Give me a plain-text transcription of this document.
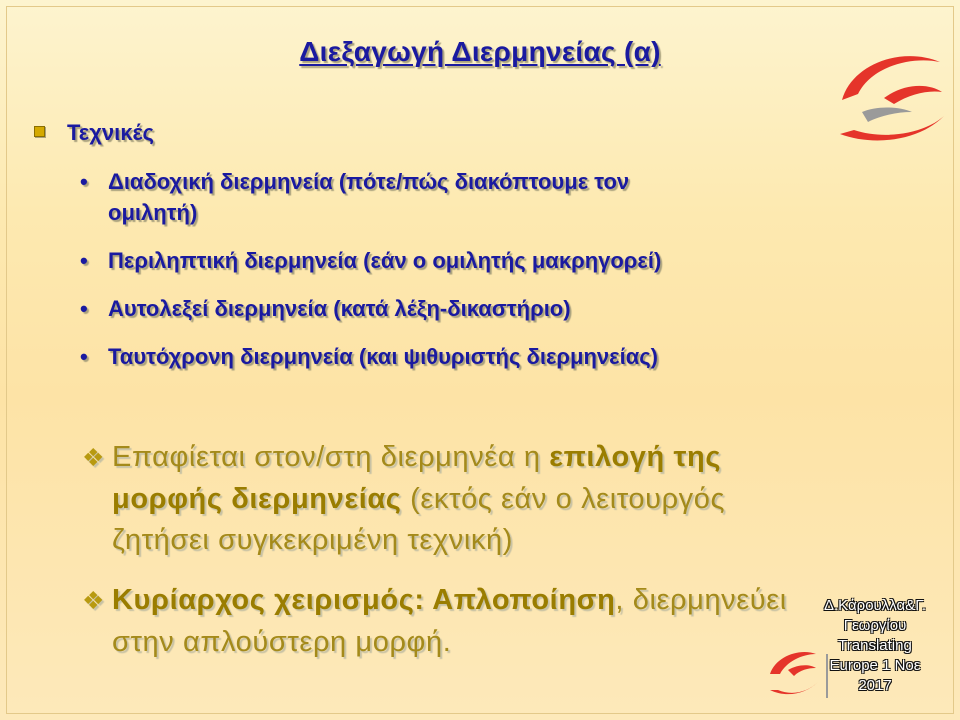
Διεξαγωγή Διερμηνείας (α)
Τεχνικές
• Διαδοχική διερμηνεία (πότε/πώς διακόπτουμε τον
ομιλητή)
• Περιληπτική διερμηνεία (εάν ο ομιλητής μακρηγορεί)
• Αυτολεξεί διερμηνεία (κατά λέξη-δικαστήριο)
• Ταυτόχρονη διερμηνεία (και ψιθυριστής διερμηνείας)
❖ Επαφίεται στον/στη διερμηνέα η επιλογή της
μορφής διερμηνείας (εκτός εάν ο λειτουργός
ζητήσει συγκεκριμένη τεχνική)
❖ Κυρίαρχος χειρισμός: Απλοποίηση, διερμηνεύει
στην απλούστερη μορφή.
Δ.Κάρουλλα&Γ.
Γεωργίου
Translating
Europe 1 Νοε
2017
